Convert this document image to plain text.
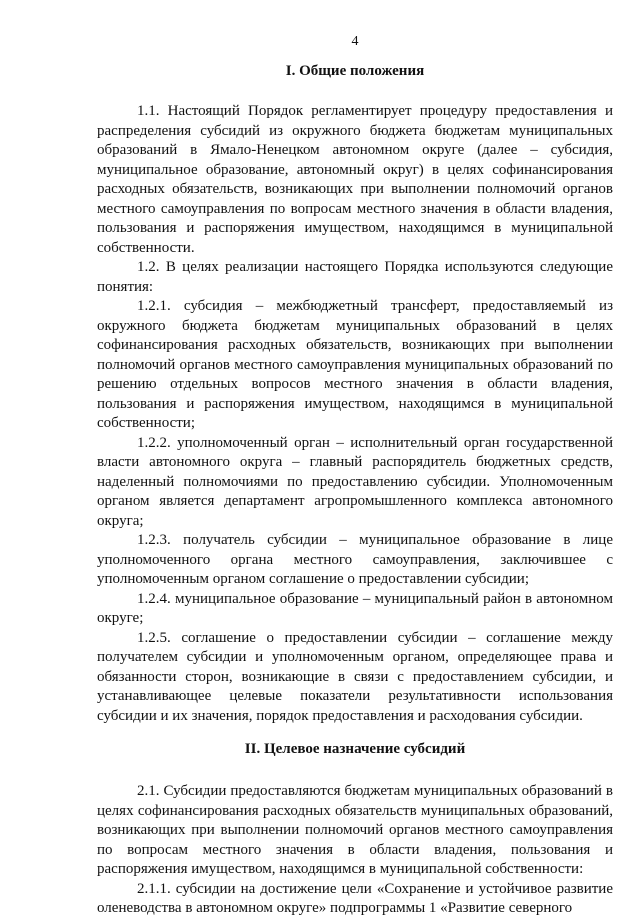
4
I. Общие положения

1.1. Настоящий Порядок регламентирует процедуру предоставления и распределения субсидий из окружного бюджета бюджетам муниципальных образований в Ямало-Ненецком автономном округе (далее – субсидия, муниципальное образование, автономный округ) в целях софинансирования расходных обязательств, возникающих при выполнении полномочий органов местного самоуправления по вопросам местного значения в области владения, пользования и распоряжения имуществом, находящимся в муниципальной собственности.

1.2. В целях реализации настоящего Порядка используются следующие понятия:

1.2.1. субсидия – межбюджетный трансферт, предоставляемый из окружного бюджета бюджетам муниципальных образований в целях софинансирования расходных обязательств, возникающих при выполнении полномочий органов местного самоуправления муниципальных образований по решению отдельных вопросов местного значения в области владения, пользования и распоряжения имуществом, находящимся в муниципальной собственности;

1.2.2. уполномоченный орган – исполнительный орган государственной власти автономного округа – главный распорядитель бюджетных средств, наделенный полномочиями по предоставлению субсидии. Уполномоченным органом является департамент агропромышленного комплекса автономного округа;

1.2.3. получатель субсидии – муниципальное образование в лице уполномоченного органа местного самоуправления, заключившее с уполномоченным органом соглашение о предоставлении субсидии;

1.2.4. муниципальное образование – муниципальный район в автономном округе;

1.2.5. соглашение о предоставлении субсидии – соглашение между получателем субсидии и уполномоченным органом, определяющее права и обязанности сторон, возникающие в связи с предоставлением субсидии, и устанавливающее целевые показатели результативности использования субсидии и их значения, порядок предоставления и расходования субсидии.

II. Целевое назначение субсидий

2.1. Субсидии предоставляются бюджетам муниципальных образований в целях софинансирования расходных обязательств муниципальных образований, возникающих при выполнении полномочий органов местного самоуправления по вопросам местного значения в области владения, пользования и распоряжения имуществом, находящимся в муниципальной собственности:

2.1.1. субсидии на достижение цели «Сохранение и устойчивое развитие оленеводства в автономном округе» подпрограммы 1 «Развитие северного
